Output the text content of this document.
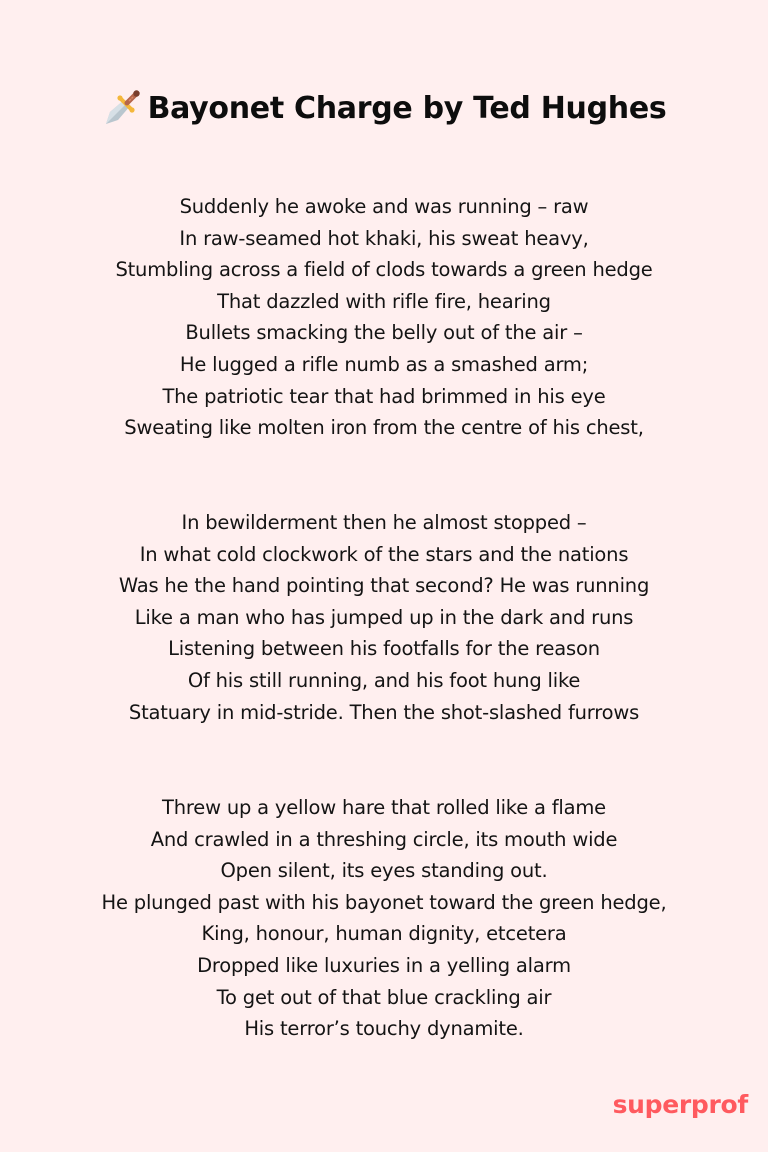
Bayonet Charge by Ted Hughes
Suddenly he awoke and was running – raw
In raw-seamed hot khaki, his sweat heavy,
Stumbling across a field of clods towards a green hedge
That dazzled with rifle fire, hearing
Bullets smacking the belly out of the air –
He lugged a rifle numb as a smashed arm;
The patriotic tear that had brimmed in his eye
Sweating like molten iron from the centre of his chest,
In bewilderment then he almost stopped –
In what cold clockwork of the stars and the nations
Was he the hand pointing that second? He was running
Like a man who has jumped up in the dark and runs
Listening between his footfalls for the reason
Of his still running, and his foot hung like
Statuary in mid-stride. Then the shot-slashed furrows
Threw up a yellow hare that rolled like a flame
And crawled in a threshing circle, its mouth wide
Open silent, its eyes standing out.
He plunged past with his bayonet toward the green hedge,
King, honour, human dignity, etcetera
Dropped like luxuries in a yelling alarm
To get out of that blue crackling air
His terror’s touchy dynamite.
superprof
